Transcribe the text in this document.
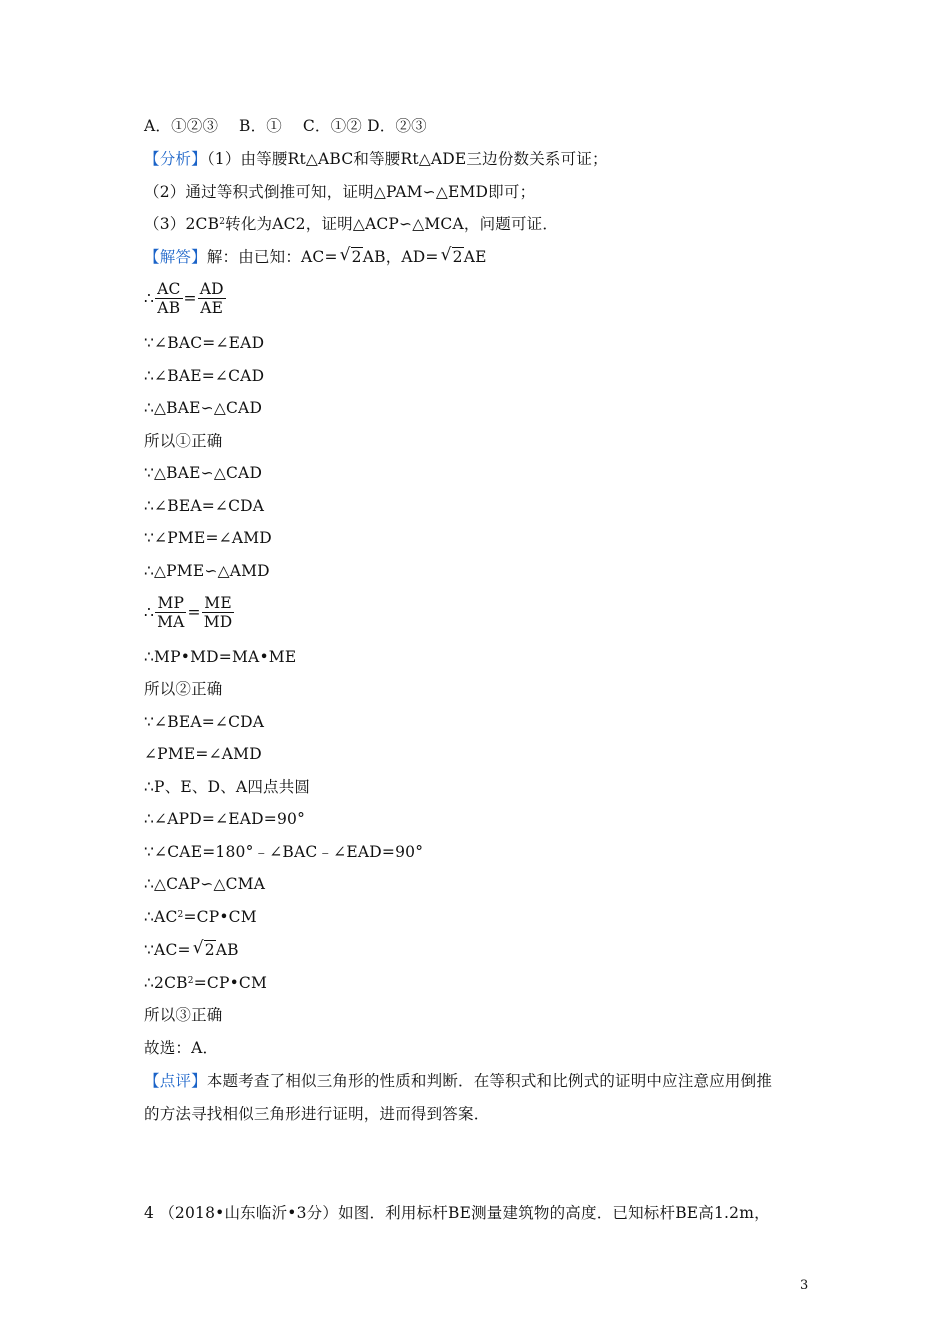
A．①②③　 B．①　 C．①② D．②③
【分析】（1）由等腰Rt△ABC和等腰Rt△ADE三边份数关系可证；
（2）通过等积式倒推可知，证明△PAM∽△EMD即可；
$(3)2CB^2$转化为AC2，证明△ACP∽△MCA，问题可证．
【解答】解：由已知：AC= √ 2AB，AD= √ 2AE
∴ $\frac{AC}{AB} = \frac{AD}{AE}$
∵∠BAC=∠EAD
∴∠BAE=∠CAD
∴△BAE∽△CAD
所以①正确
∵△BAE∽△CAD
∴∠BEA=∠CDA
∵∠PME=∠AMD
∴△PME∽△AMD
∴ $\frac{MP}{MA} = \frac{ME}{MD}$
∴MP•MD=MA•ME
所以②正确
∵∠BEA=∠CDA
∠PME=∠AMD
∴P、E、D、A四点共圆
∴∠APD=∠EAD=90°
∵∠CAE=180°﹣∠BAC﹣∠EAD=90°
∴△CAP∽△CMA
$\therefore AC^2=CP•CM$
∵AC= √ 2AB
$\therefore 2CB^2=CP•CM$
所以③正确
故选：A．
【点评】本题考查了相似三角形的性质和判断．在等积式和比例式的证明中应注意应用倒推
的方法寻找相似三角形进行证明，进而得到答案．
4 （2018•山东临沂•3分）如图．利用标杆BE测量建筑物的高度．已知标杆BE高1.2m，
3
